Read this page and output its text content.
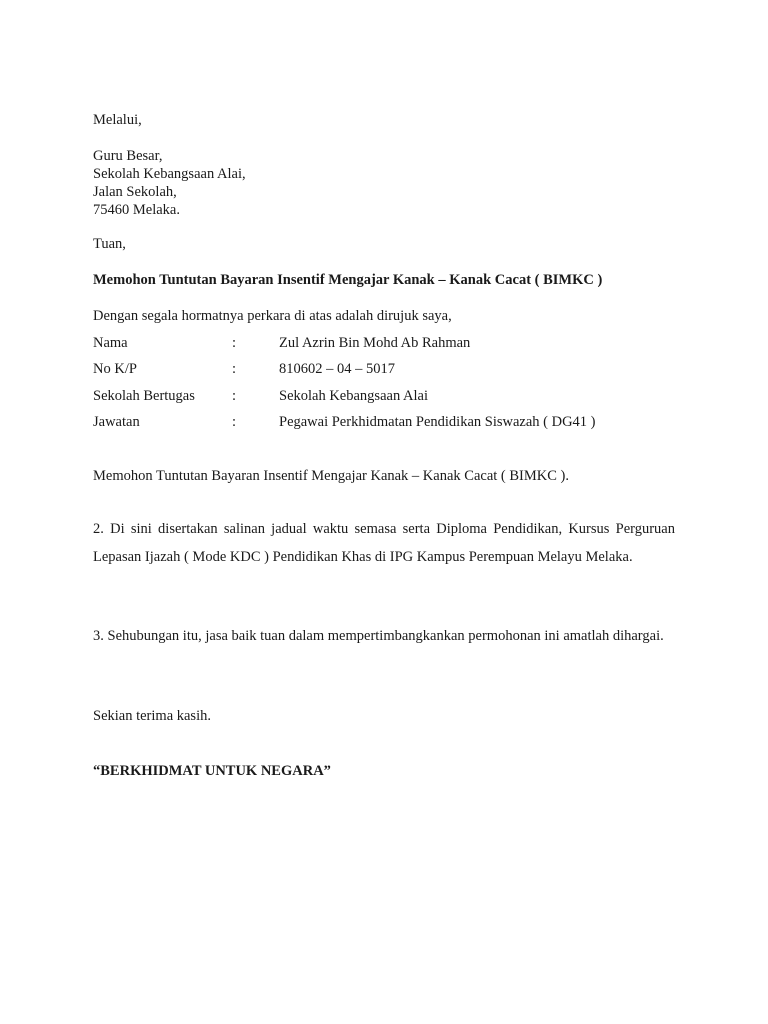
Melalui,
Guru Besar,
Sekolah Kebangsaan Alai,
Jalan Sekolah,
75460 Melaka.
Tuan,
Memohon Tuntutan Bayaran Insentif Mengajar Kanak – Kanak Cacat ( BIMKC )
Dengan segala hormatnya perkara di atas adalah dirujuk saya,
Nama	:	Zul Azrin Bin Mohd Ab Rahman
No K/P	:	810602 – 04 – 5017
Sekolah Bertugas	:	Sekolah Kebangsaan Alai
Jawatan	:	Pegawai Perkhidmatan Pendidikan Siswazah ( DG41 )
Memohon Tuntutan Bayaran Insentif Mengajar Kanak – Kanak Cacat ( BIMKC ).

2. Di sini disertakan salinan jadual waktu semasa serta Diploma Pendidikan, Kursus Perguruan Lepasan Ijazah ( Mode KDC ) Pendidikan Khas di IPG Kampus Perempuan Melayu Melaka.

3. Sehubungan itu, jasa baik tuan dalam mempertimbangkankan permohonan ini amatlah dihargai.

Sekian terima kasih.
“BERKHIDMAT UNTUK NEGARA”
